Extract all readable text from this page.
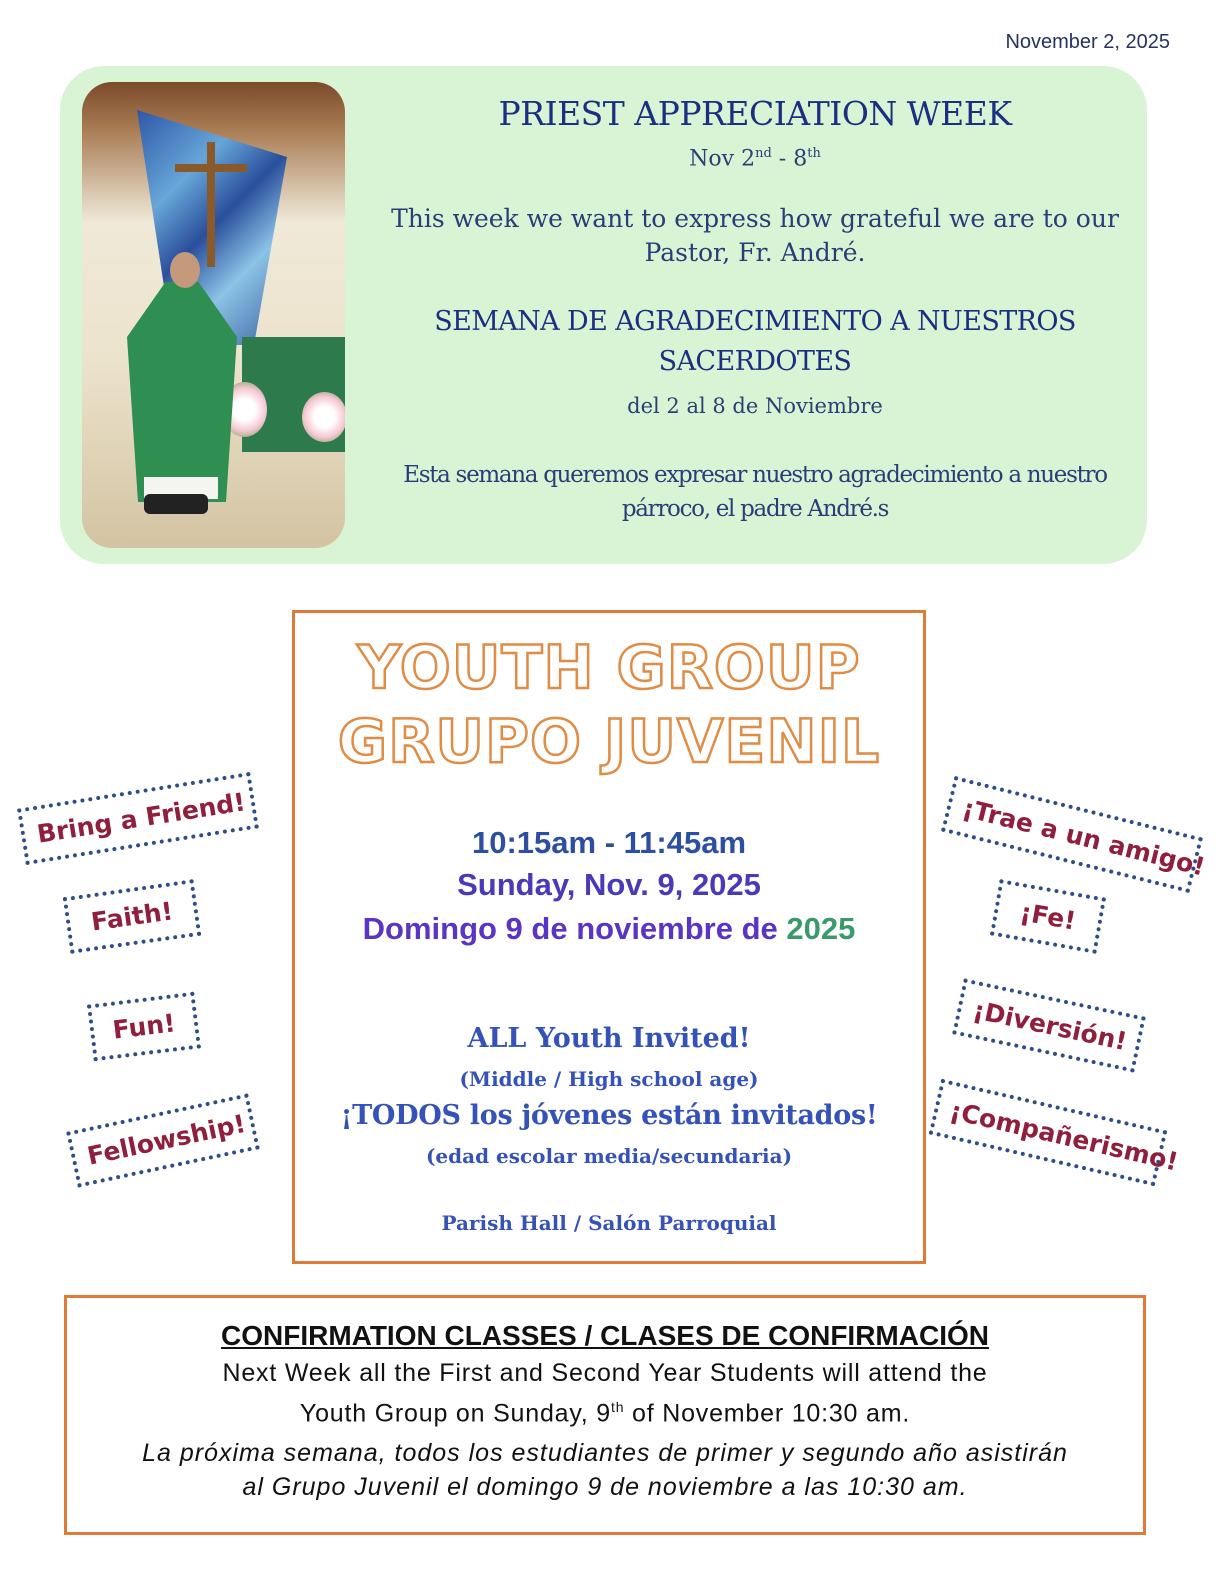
November 2, 2025
PRIEST APPRECIATION WEEK
Nov 2nd - 8th
This week we want to express how grateful we are to our
Pastor, Fr. André.
SEMANA DE AGRADECIMIENTO A NUESTROS
SACERDOTES
del 2 al 8 de Noviembre
Esta semana queremos expresar nuestro agradecimiento a nuestro
párroco, el padre André.s
YOUTH GROUP
GRUPO JUVENIL
10:15am - 11:45am
Sunday, Nov. 9, 2025
Domingo 9 de noviembre de 2025
ALL Youth Invited!
(Middle / High school age)
¡TODOS los jóvenes están invitados!
(edad escolar media/secundaria)
Parish Hall / Salón Parroquial
Bring a Friend!
Faith!
Fun!
Fellowship!
¡Trae a un amigo!
¡Fe!
¡Diversión!
¡Compañerismo!
CONFIRMATION CLASSES / CLASES DE CONFIRMACIÓN
Next Week all the First and Second Year Students will attend the
Youth Group on Sunday, 9th of November 10:30 am.
La próxima semana, todos los estudiantes de primer y segundo año asistirán
al Grupo Juvenil el domingo 9 de noviembre a las 10:30 am.
